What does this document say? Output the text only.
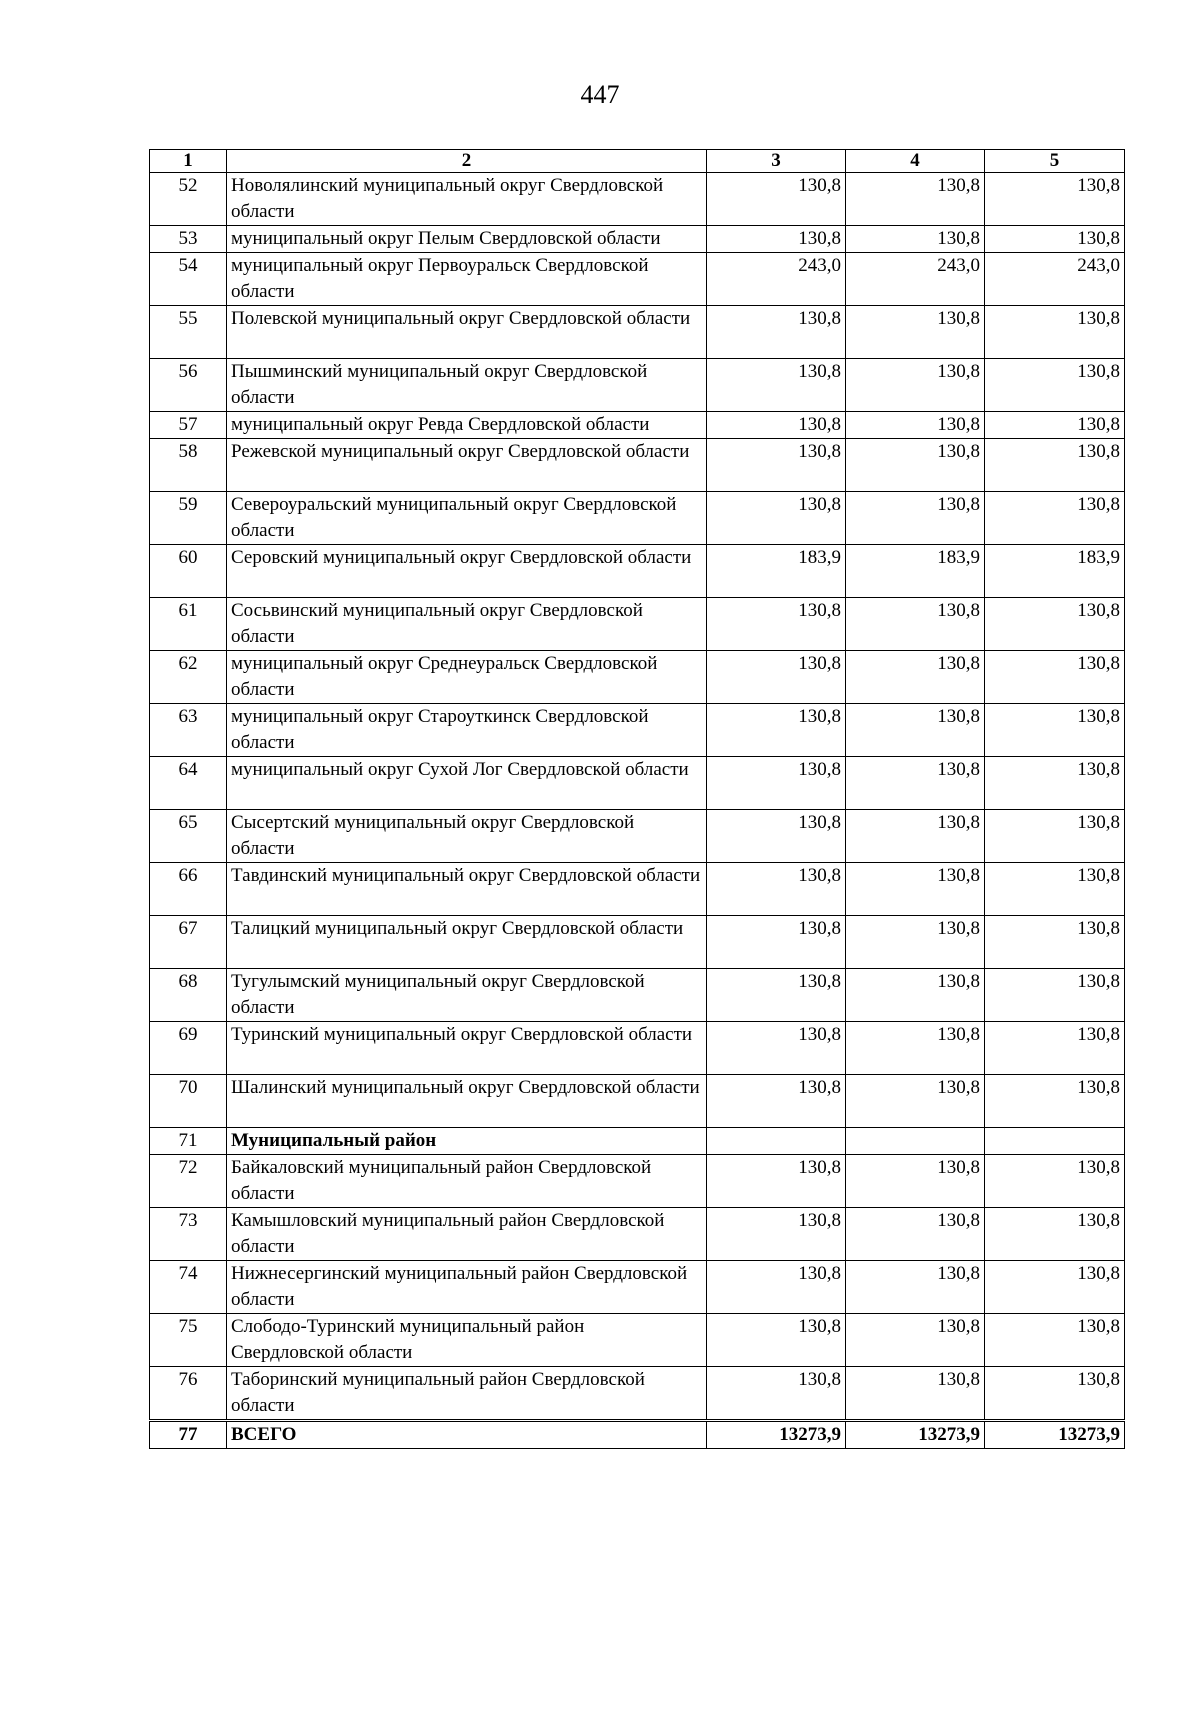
447
1	2	3	4	5
52	Новолялинский муниципальный округ Свердловской области	130,8	130,8	130,8
53	муниципальный округ Пелым Свердловской области	130,8	130,8	130,8
54	муниципальный округ Первоуральск Свердловской области	243,0	243,0	243,0
55	Полевской муниципальный округ Свердловской области	130,8	130,8	130,8
56	Пышминский муниципальный округ Свердловской области	130,8	130,8	130,8
57	муниципальный округ Ревда Свердловской области	130,8	130,8	130,8
58	Режевской муниципальный округ Свердловской области	130,8	130,8	130,8
59	Североуральский муниципальный округ Свердловской области	130,8	130,8	130,8
60	Серовский муниципальный округ Свердловской области	183,9	183,9	183,9
61	Сосьвинский муниципальный округ Свердловской области	130,8	130,8	130,8
62	муниципальный округ Среднеуральск Свердловской области	130,8	130,8	130,8
63	муниципальный округ Староуткинск Свердловской области	130,8	130,8	130,8
64	муниципальный округ Сухой Лог Свердловской области	130,8	130,8	130,8
65	Сысертский муниципальный округ Свердловской области	130,8	130,8	130,8
66	Тавдинский муниципальный округ Свердловской области	130,8	130,8	130,8
67	Талицкий муниципальный округ Свердловской области	130,8	130,8	130,8
68	Тугулымский муниципальный округ Свердловской области	130,8	130,8	130,8
69	Туринский муниципальный округ Свердловской области	130,8	130,8	130,8
70	Шалинский муниципальный округ Свердловской области	130,8	130,8	130,8
71	Муниципальный район			
72	Байкаловский муниципальный район Свердловской области	130,8	130,8	130,8
73	Камышловский муниципальный район Свердловской области	130,8	130,8	130,8
74	Нижнесергинский муниципальный район Свердловской области	130,8	130,8	130,8
75	Слободо-Туринский муниципальный район Свердловской области	130,8	130,8	130,8
76	Таборинский муниципальный район Свердловской области	130,8	130,8	130,8
77	ВСЕГО	13273,9	13273,9	13273,9
